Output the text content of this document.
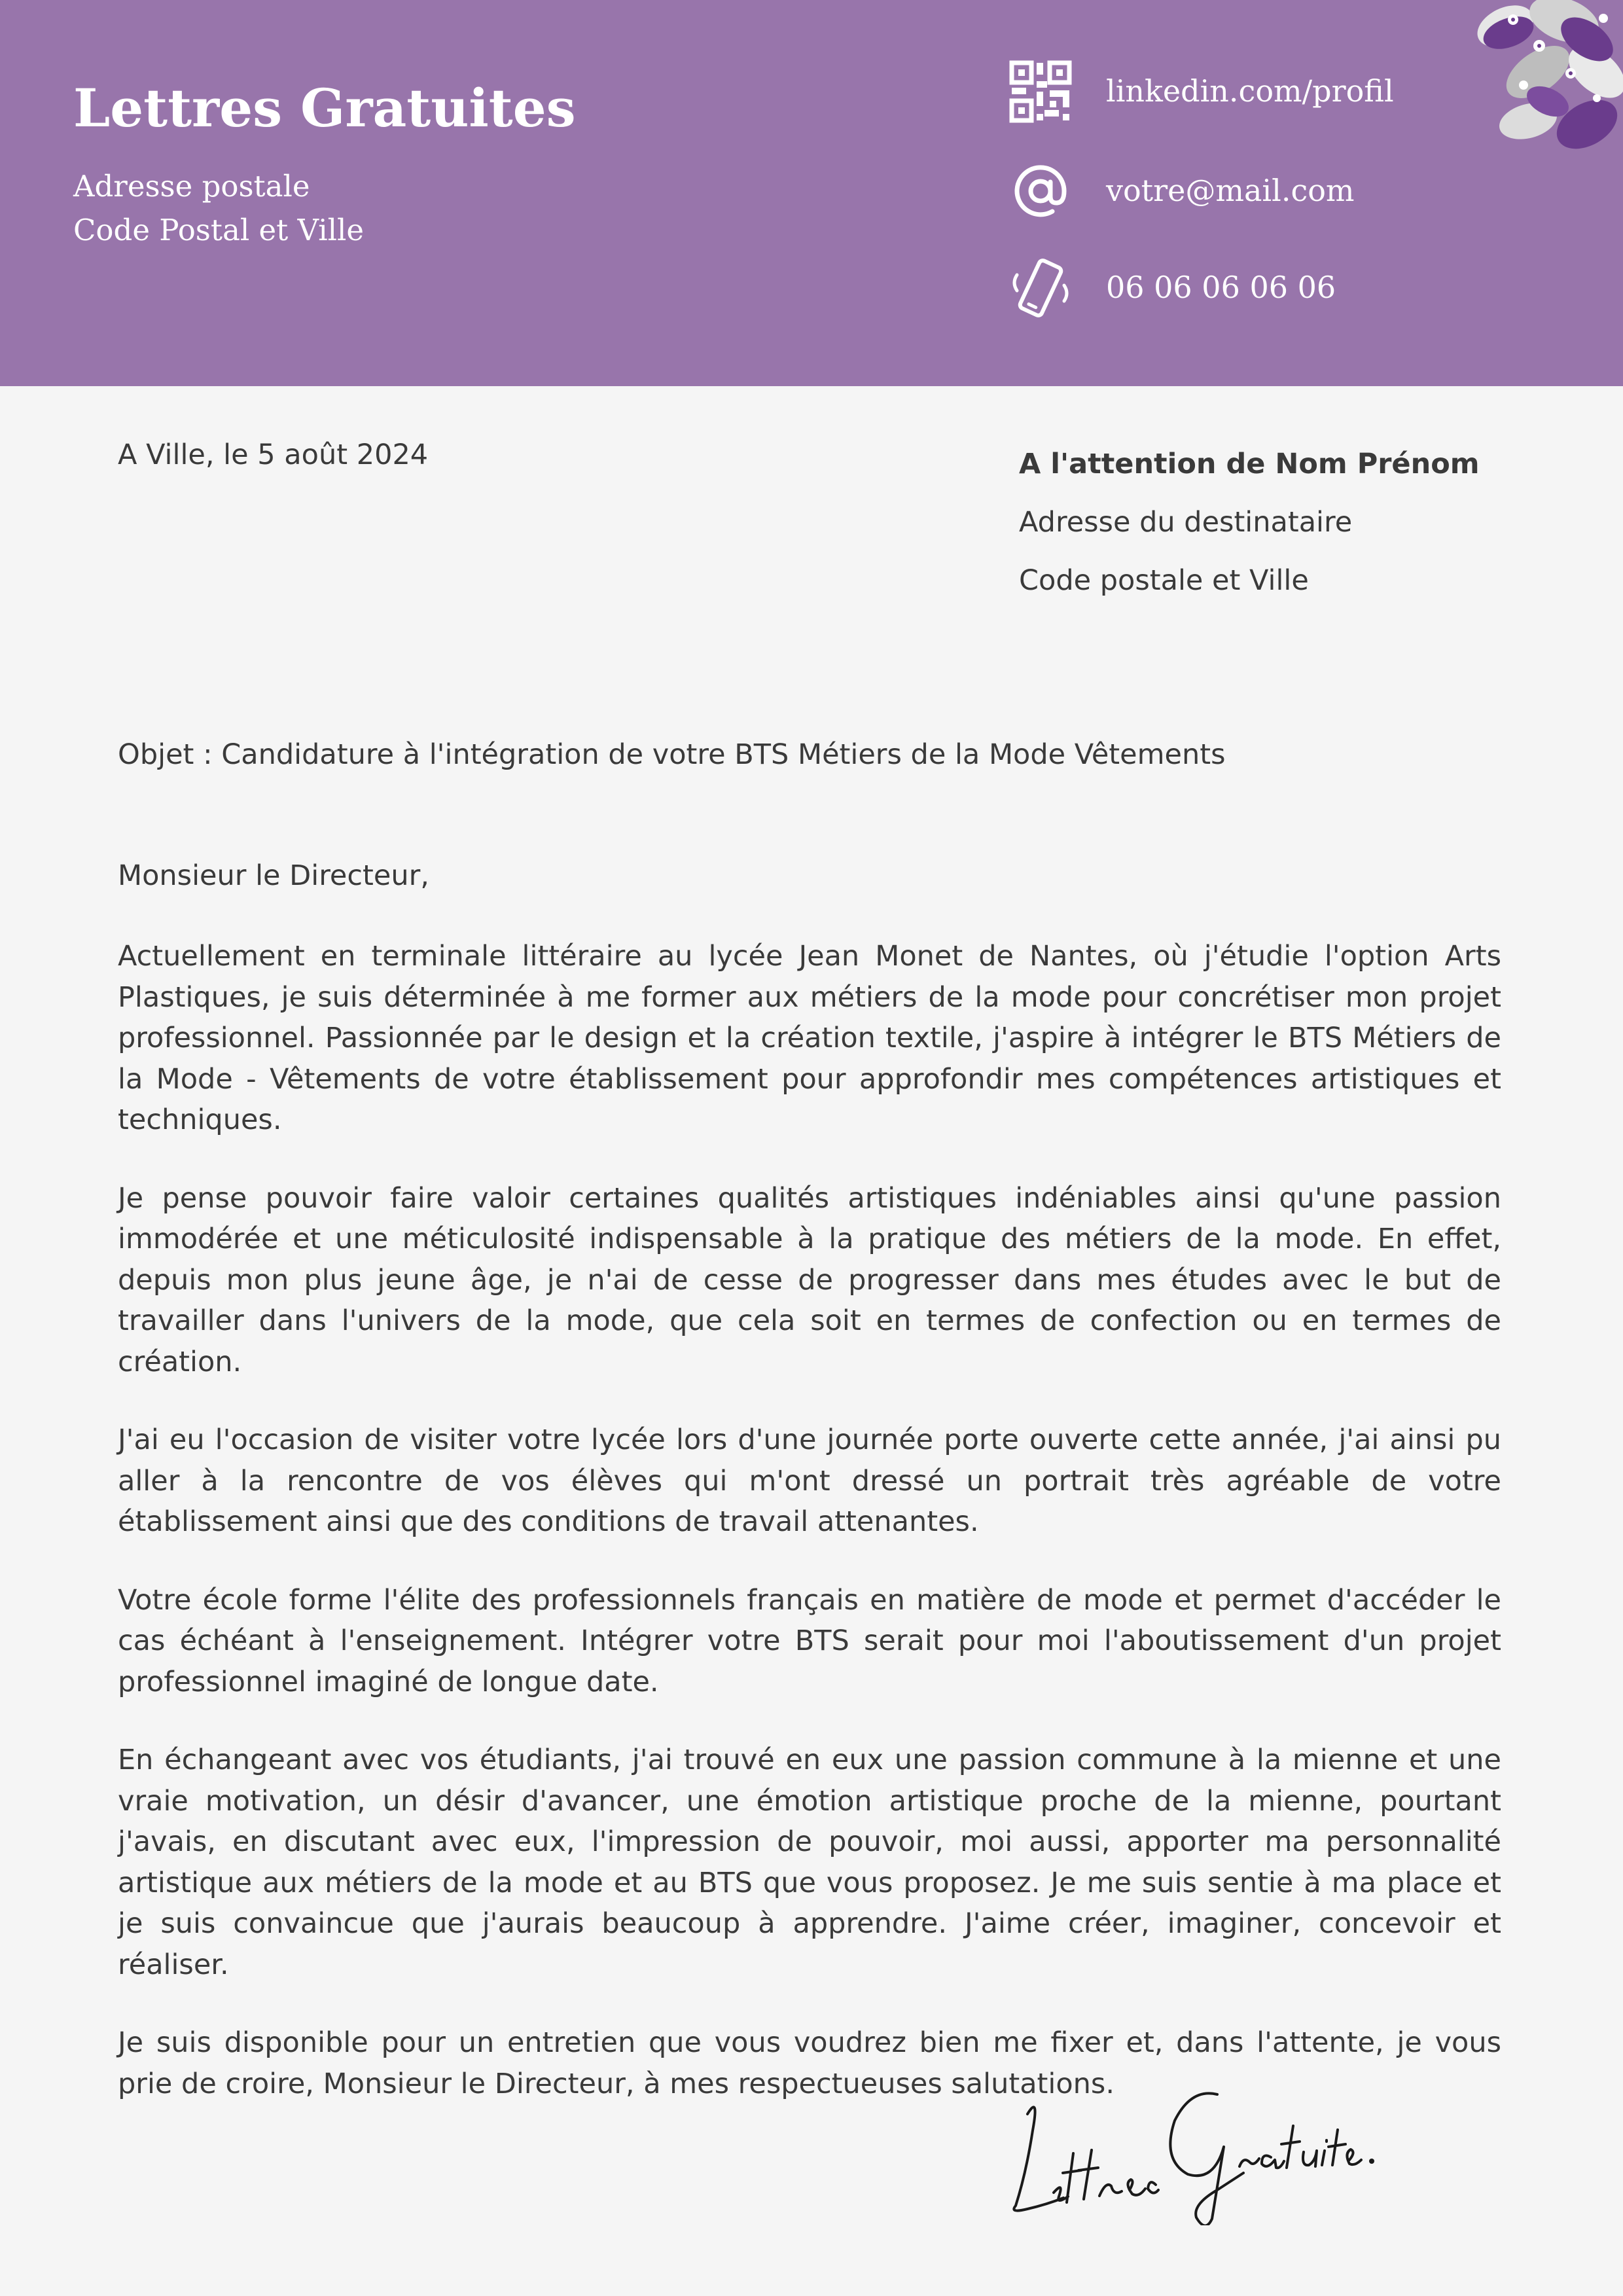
Lettres Gratuites
Adresse postale
Code Postal et Ville
linkedin.com/profil
votre@mail.com
06 06 06 06 06
A Ville, le 5 août 2024	A l'attention de Nom Prénom
Adresse du destinataire
Code postale et Ville
Objet : Candidature à l'intégration de votre BTS Métiers de la Mode Vêtements
Monsieur le Directeur,

Actuellement en terminale littéraire au lycée Jean Monet de Nantes, où j'étudie l'option Arts Plastiques, je suis déterminée à me former aux métiers de la mode pour concrétiser mon projet professionnel. Passionnée par le design et la création textile, j'aspire à intégrer le BTS Métiers de la Mode - Vêtements de votre établissement pour approfondir mes compétences artistiques et techniques.

Je pense pouvoir faire valoir certaines qualités artistiques indéniables ainsi qu'une passion immodérée et une méticulosité indispensable à la pratique des métiers de la mode. En effet, depuis mon plus jeune âge, je n'ai de cesse de progresser dans mes études avec le but de travailler dans l'univers de la mode, que cela soit en termes de confection ou en termes de création.

J'ai eu l'occasion de visiter votre lycée lors d'une journée porte ouverte cette année, j'ai ainsi pu aller à la rencontre de vos élèves qui m'ont dressé un portrait très agréable de votre établissement ainsi que des conditions de travail attenantes.

Votre école forme l'élite des professionnels français en matière de mode et permet d'accéder le cas échéant à l'enseignement. Intégrer votre BTS serait pour moi l'aboutissement d'un projet professionnel imaginé de longue date.

En échangeant avec vos étudiants, j'ai trouvé en eux une passion commune à la mienne et une vraie motivation, un désir d'avancer, une émotion artistique proche de la mienne, pourtant j'avais, en discutant avec eux, l'impression de pouvoir, moi aussi, apporter ma personnalité artistique aux métiers de la mode et au BTS que vous proposez. Je me suis sentie à ma place et je suis convaincue que j'aurais beaucoup à apprendre. J'aime créer, imaginer, concevoir et réaliser.

Je suis disponible pour un entretien que vous voudrez bien me fixer et, dans l'attente, je vous prie de croire, Monsieur le Directeur, à mes respectueuses salutations.
